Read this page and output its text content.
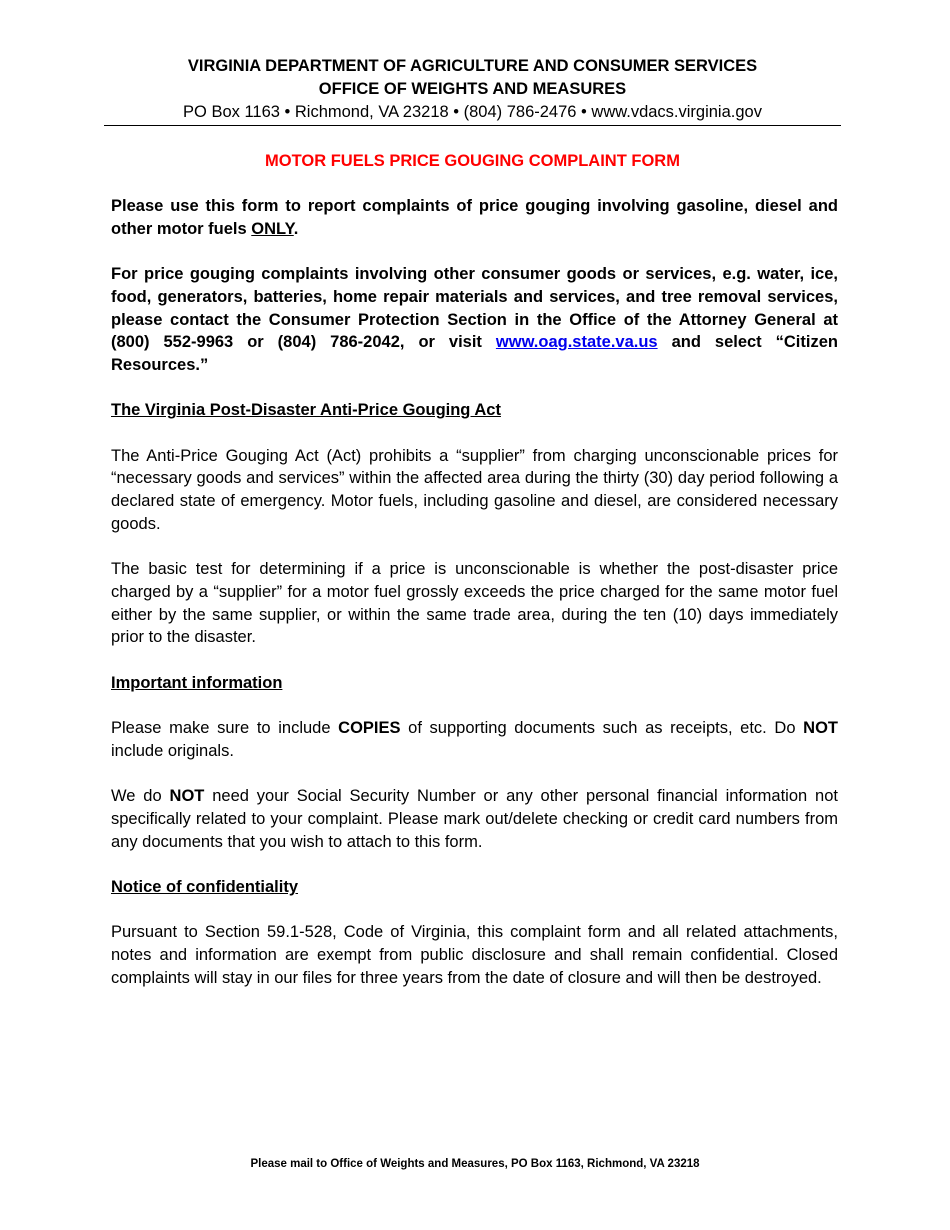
VIRGINIA DEPARTMENT OF AGRICULTURE AND CONSUMER SERVICES
OFFICE OF WEIGHTS AND MEASURES
PO Box 1163 • Richmond, VA 23218 • (804) 786-2476 • www.vdacs.virginia.gov
MOTOR FUELS PRICE GOUGING COMPLAINT FORM

Please use this form to report complaints of price gouging involving gasoline, diesel and other motor fuels ONLY.

For price gouging complaints involving other consumer goods or services, e.g. water, ice, food, generators, batteries, home repair materials and services, and tree removal services, please contact the Consumer Protection Section in the Office of the Attorney General at (800) 552-9963 or (804) 786-2042, or visit www.oag.state.va.us and select “Citizen Resources.”

The Virginia Post-Disaster Anti-Price Gouging Act

The Anti-Price Gouging Act (Act) prohibits a “supplier” from charging unconscionable prices for “necessary goods and services” within the affected area during the thirty (30) day period following a declared state of emergency. Motor fuels, including gasoline and diesel, are considered necessary goods.

The basic test for determining if a price is unconscionable is whether the post-disaster price charged by a “supplier” for a motor fuel grossly exceeds the price charged for the same motor fuel either by the same supplier, or within the same trade area, during the ten (10) days immediately prior to the disaster.

Important information

Please make sure to include COPIES of supporting documents such as receipts, etc. Do NOT include originals.

We do NOT need your Social Security Number or any other personal financial information not specifically related to your complaint. Please mark out/delete checking or credit card numbers from any documents that you wish to attach to this form.

Notice of confidentiality

Pursuant to Section 59.1-528, Code of Virginia, this complaint form and all related attachments, notes and information are exempt from public disclosure and shall remain confidential. Closed complaints will stay in our files for three years from the date of closure and will then be destroyed.

Please mail to Office of Weights and Measures, PO Box 1163, Richmond, VA 23218
